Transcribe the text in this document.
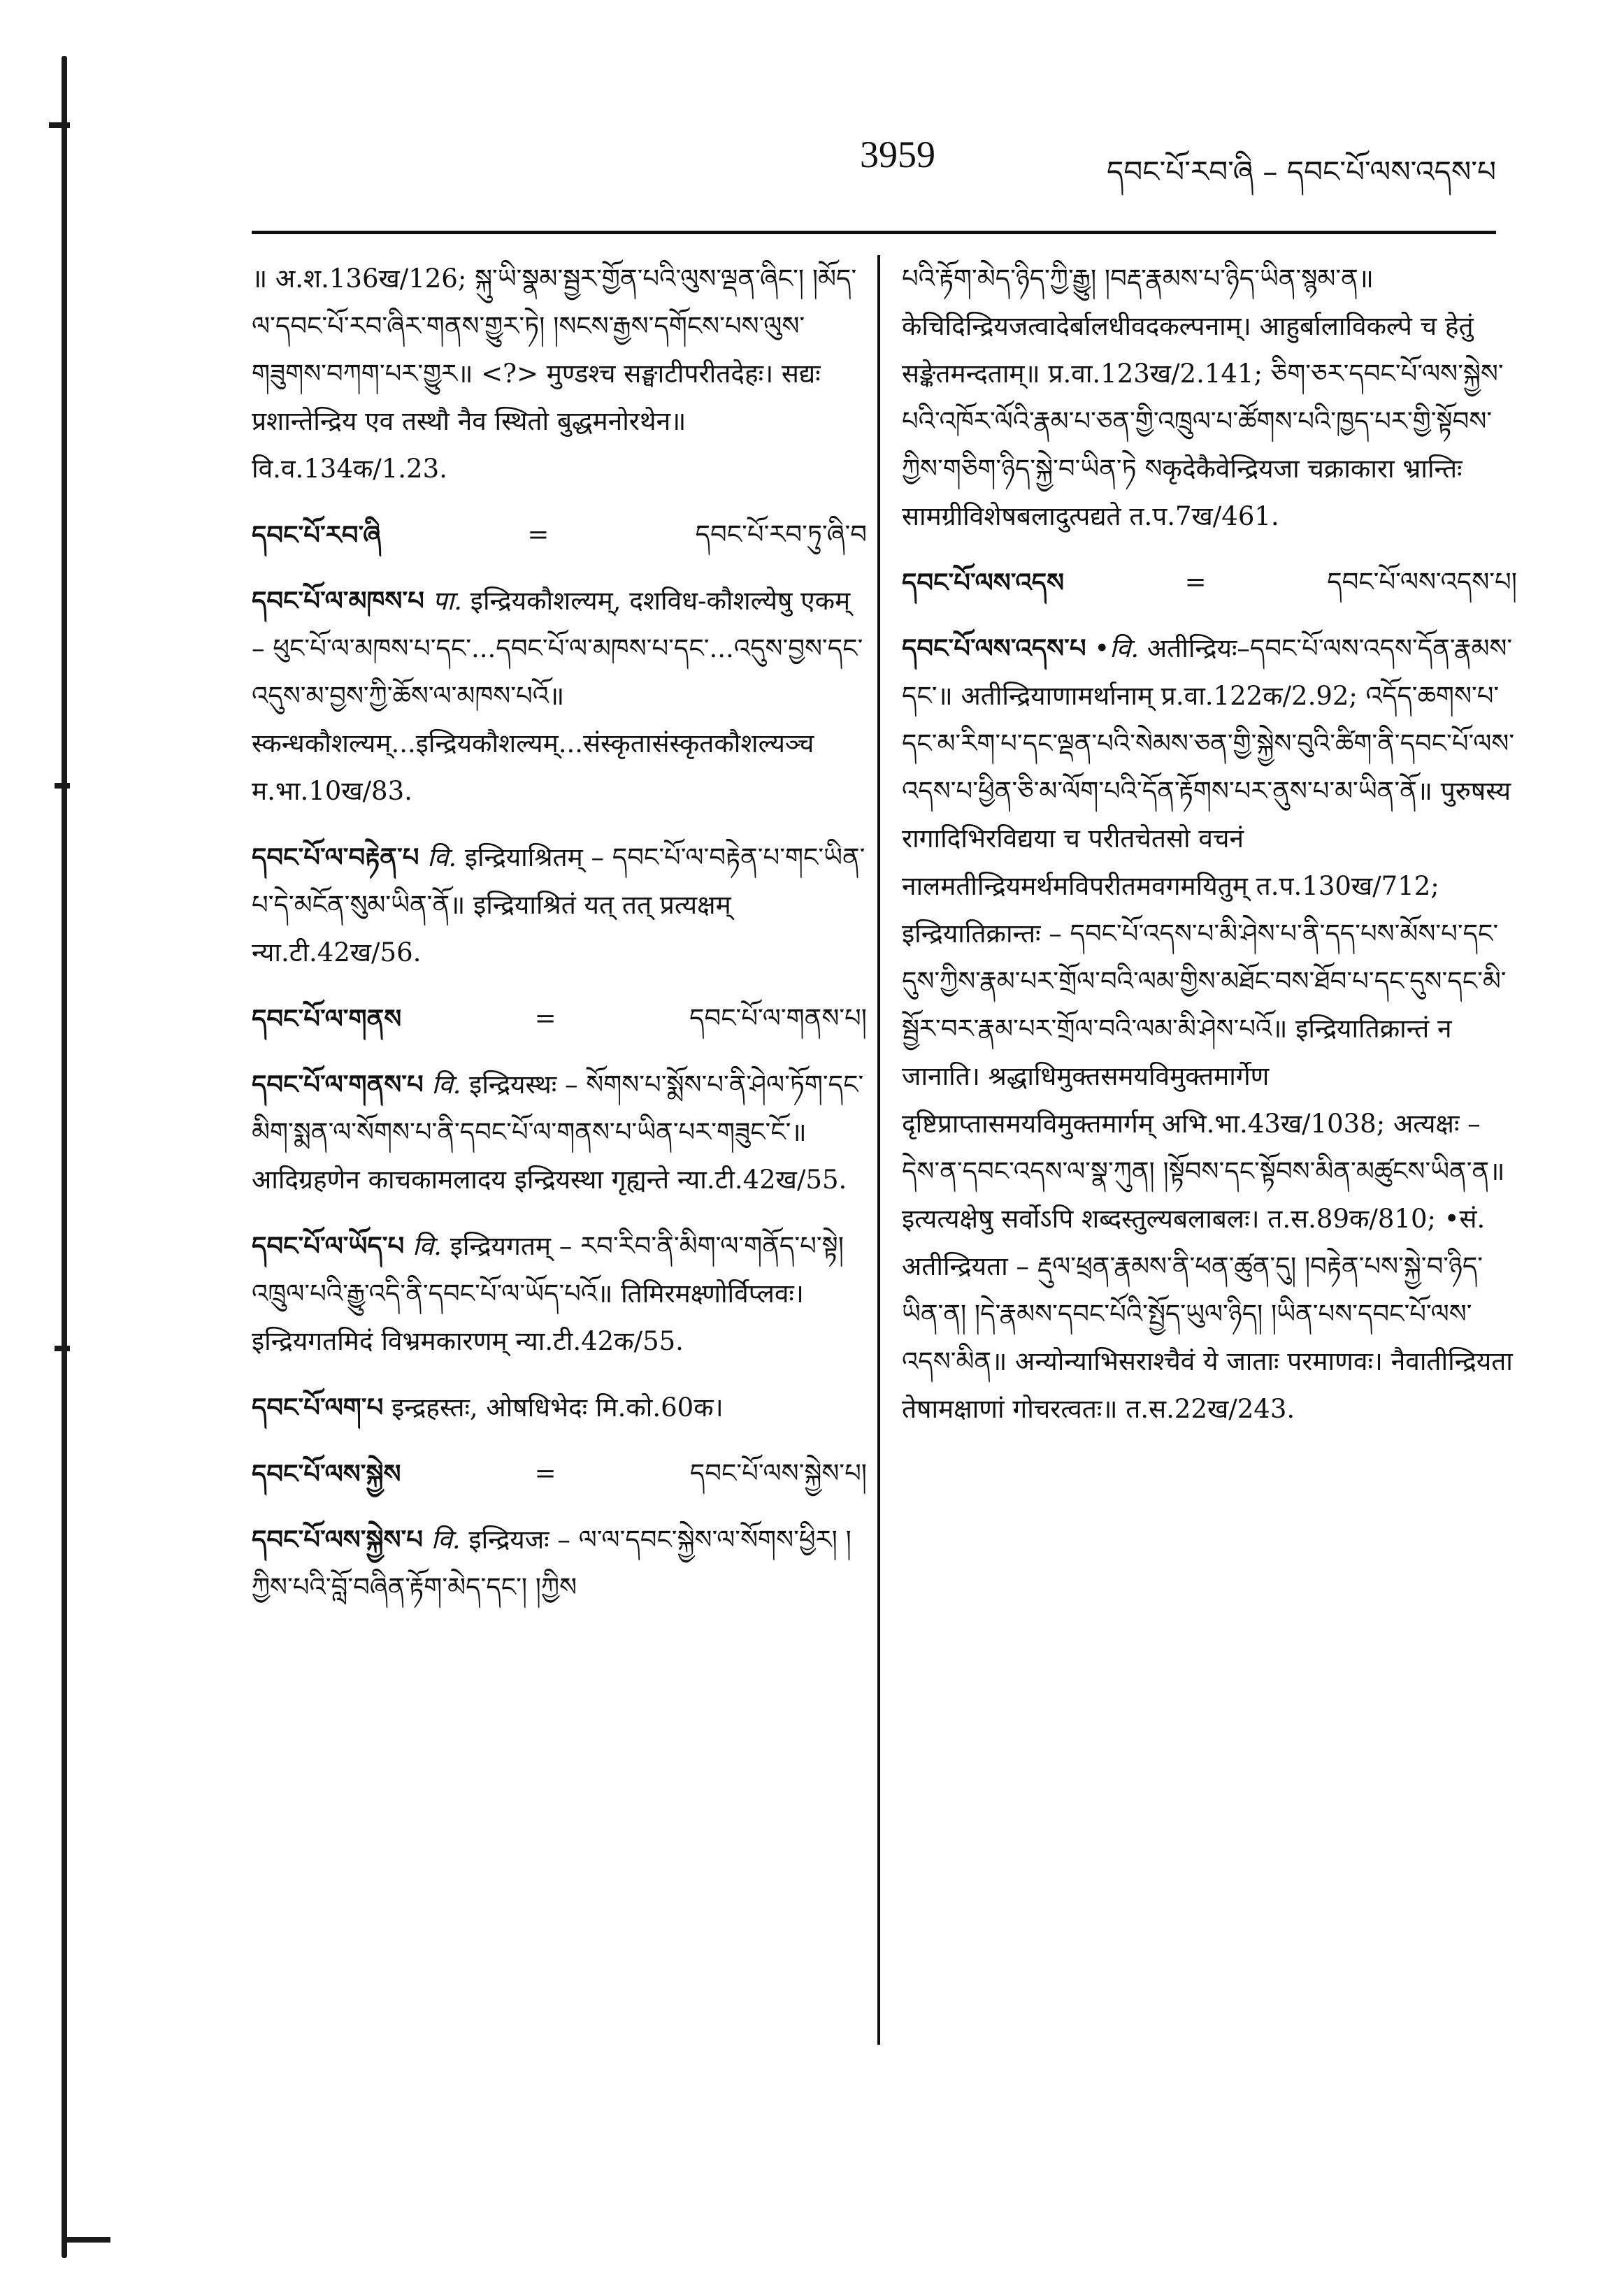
3959	དབང་པོ་རབ་ཞི – དབང་པོ་ལས་འདས་པ
॥ अ.श.136ख/126; སྐུ་ཡི་སྣམ་སྦྱར་གྱོན་པའི་ལུས་ལྡན་ཞིང་། །མོད་ལ་དབང་པོ་རབ་ཞིར་གནས་གྱུར་ཏེ། །སངས་རྒྱས་དགོངས་པས་ལུས་གཟུགས་བཀག་པར་གྱུར॥ <?> मुण्डश्च सङ्घाटीपरीतदेहः। सद्यः प्रशान्तेन्द्रिय एव तस्थौ नैव स्थितो बुद्धमनोरथेन॥ वि.व.134क/1.23.
དབང་པོ་རབ་ཞི	=	དབང་པོ་རབ་ཏུ་ཞི་བ
དབང་པོ་ལ་མཁས་པ पा. इन्द्रियकौशल्यम्, दशविध-कौशल्येषु एकम् – ཕུང་པོ་ལ་མཁས་པ་དང་...དབང་པོ་ལ་མཁས་པ་དང་...འདུས་བྱས་དང་འདུས་མ་བྱས་ཀྱི་ཆོས་ལ་མཁས་པའོ॥ स्कन्धकौशल्यम्...इन्द्रियकौशल्यम्...संस्कृतासंस्कृतकौशल्यञ्च म.भा.10ख/83.
དབང་པོ་ལ་བརྟེན་པ वि. इन्द्रियाश्रितम् – དབང་པོ་ལ་བརྟེན་པ་གང་ཡིན་པ་དེ་མངོན་སུམ་ཡིན་ནོ॥ इन्द्रियाश्रितं यत् तत् प्रत्यक्षम् न्या.टी.42ख/56.
དབང་པོ་ལ་གནས	=	དབང་པོ་ལ་གནས་པ།
དབང་པོ་ལ་གནས་པ वि. इन्द्रियस्थः – སོགས་པ་སྨོས་པ་ནི་ཤེལ་ཏོག་དང་མིག་སྨན་ལ་སོགས་པ་ནི་དབང་པོ་ལ་གནས་པ་ཡིན་པར་གཟུང་ངོ་॥ आदिग्रहणेन काचकामलादय इन्द्रियस्था गृह्यन्ते न्या.टी.42ख/55.
དབང་པོ་ལ་ཡོད་པ वि. इन्द्रियगतम् – རབ་རིབ་ནི་མིག་ལ་གནོད་པ་སྟེ། འཁྲུལ་པའི་རྒྱུ་འདི་ནི་དབང་པོ་ལ་ཡོད་པའོ॥ तिमिरमक्ष्णोर्विप्लवः। इन्द्रियगतमिदं विभ्रमकारणम् न्या.टी.42क/55.
དབང་པོ་ལག་པ इन्द्रहस्तः, ओषधिभेदः मि.को.60क।
དབང་པོ་ལས་སྐྱེས	=	དབང་པོ་ལས་སྐྱེས་པ།
དབང་པོ་ལས་སྐྱེས་པ वि. इन्द्रियजः – ལ་ལ་དབང་སྐྱེས་ལ་སོགས་ཕྱིར། །ཀྱིས་པའི་བློ་བཞིན་རྟོག་མེད་དང་། །ཀྱིས
པའི་རྟོག་མེད་ཉིད་ཀྱི་རྒྱུ། །བརྡ་རྣམས་པ་ཉིད་ཡིན་སྙམ་ན॥ केचिदिन्द्रियजत्वादेर्बालधीवदकल्पनाम्। आहुर्बालाविकल्पे च हेतुं सङ्केतमन्दताम्॥ प्र.वा.123ख/2.141; ཅིག་ཅར་དབང་པོ་ལས་སྐྱེས་པའི་འཁོར་ལོའི་རྣམ་པ་ཅན་གྱི་འཁྲུལ་པ་ཚོགས་པའི་ཁྱད་པར་གྱི་སྟོབས་ཀྱིས་གཅིག་ཉིད་སྐྱེ་བ་ཡིན་ཏེ སकृदेकैवेन्द्रियजा चक्राकारा भ्रान्तिः सामग्रीविशेषबलादुत्पद्यते त.प.7ख/461.
དབང་པོ་ལས་འདས	=	དབང་པོ་ལས་འདས་པ།
དབང་པོ་ལས་འདས་པ •वि. अतीन्द्रियः–དབང་པོ་ལས་འདས་དོན་རྣམས་དང་॥ अतीन्द्रियाणामर्थानाम् प्र.वा.122क/2.92; འདོད་ཆགས་པ་དང་མ་རིག་པ་དང་ལྡན་པའི་སེམས་ཅན་གྱི་སྐྱེས་བུའི་ཚིག་ནི་དབང་པོ་ལས་འདས་པ་ཕྱིན་ཅི་མ་ལོག་པའི་དོན་རྟོགས་པར་ནུས་པ་མ་ཡིན་ནོ॥ पुरुषस्य रागादिभिरविद्यया च परीतचेतसो वचनं नालमतीन्द्रियमर्थमविपरीतमवगमयितुम् त.प.130ख/712; इन्द्रियातिक्रान्तः – དབང་པོ་འདས་པ་མི་ཤེས་པ་ནི་དད་པས་མོས་པ་དང་དུས་ཀྱིས་རྣམ་པར་གྲོལ་བའི་ལམ་གྱིས་མཐོང་བས་ཐོབ་པ་དང་དུས་དང་མི་སྦྱོར་བར་རྣམ་པར་གྲོལ་བའི་ལམ་མི་ཤེས་པའོ॥ इन्द्रियातिक्रान्तं न जानाति। श्रद्धाधिमुक्तसमयविमुक्तमार्गेण दृष्टिप्राप्तासमयविमुक्तमार्गम् अभि.भा.43ख/1038; अत्यक्षः – དེས་ན་དབང་འདས་ལ་སྣ་ཀུན། །སྟོབས་དང་སྟོབས་མིན་མཚུངས་ཡིན་ན॥ इत्यत्यक्षेषु सर्वोऽपि शब्दस्तुल्यबलाबलः। त.स.89क/810; •सं. अतीन्द्रियता – རྡུལ་ཕྲན་རྣམས་ནི་ཕན་ཚུན་དུ། །བརྟེན་པས་སྐྱེ་བ་ཉིད་ཡིན་ན། །དེ་རྣམས་དབང་པོའི་སྤྱོད་ཡུལ་ཉིད། །ཡིན་པས་དབང་པོ་ལས་འདས་མིན॥ अन्योन्याभिसराश्चैवं ये जाताः परमाणवः। नैवातीन्द्रियता तेषामक्षाणां गोचरत्वतः॥ त.स.22ख/243.
